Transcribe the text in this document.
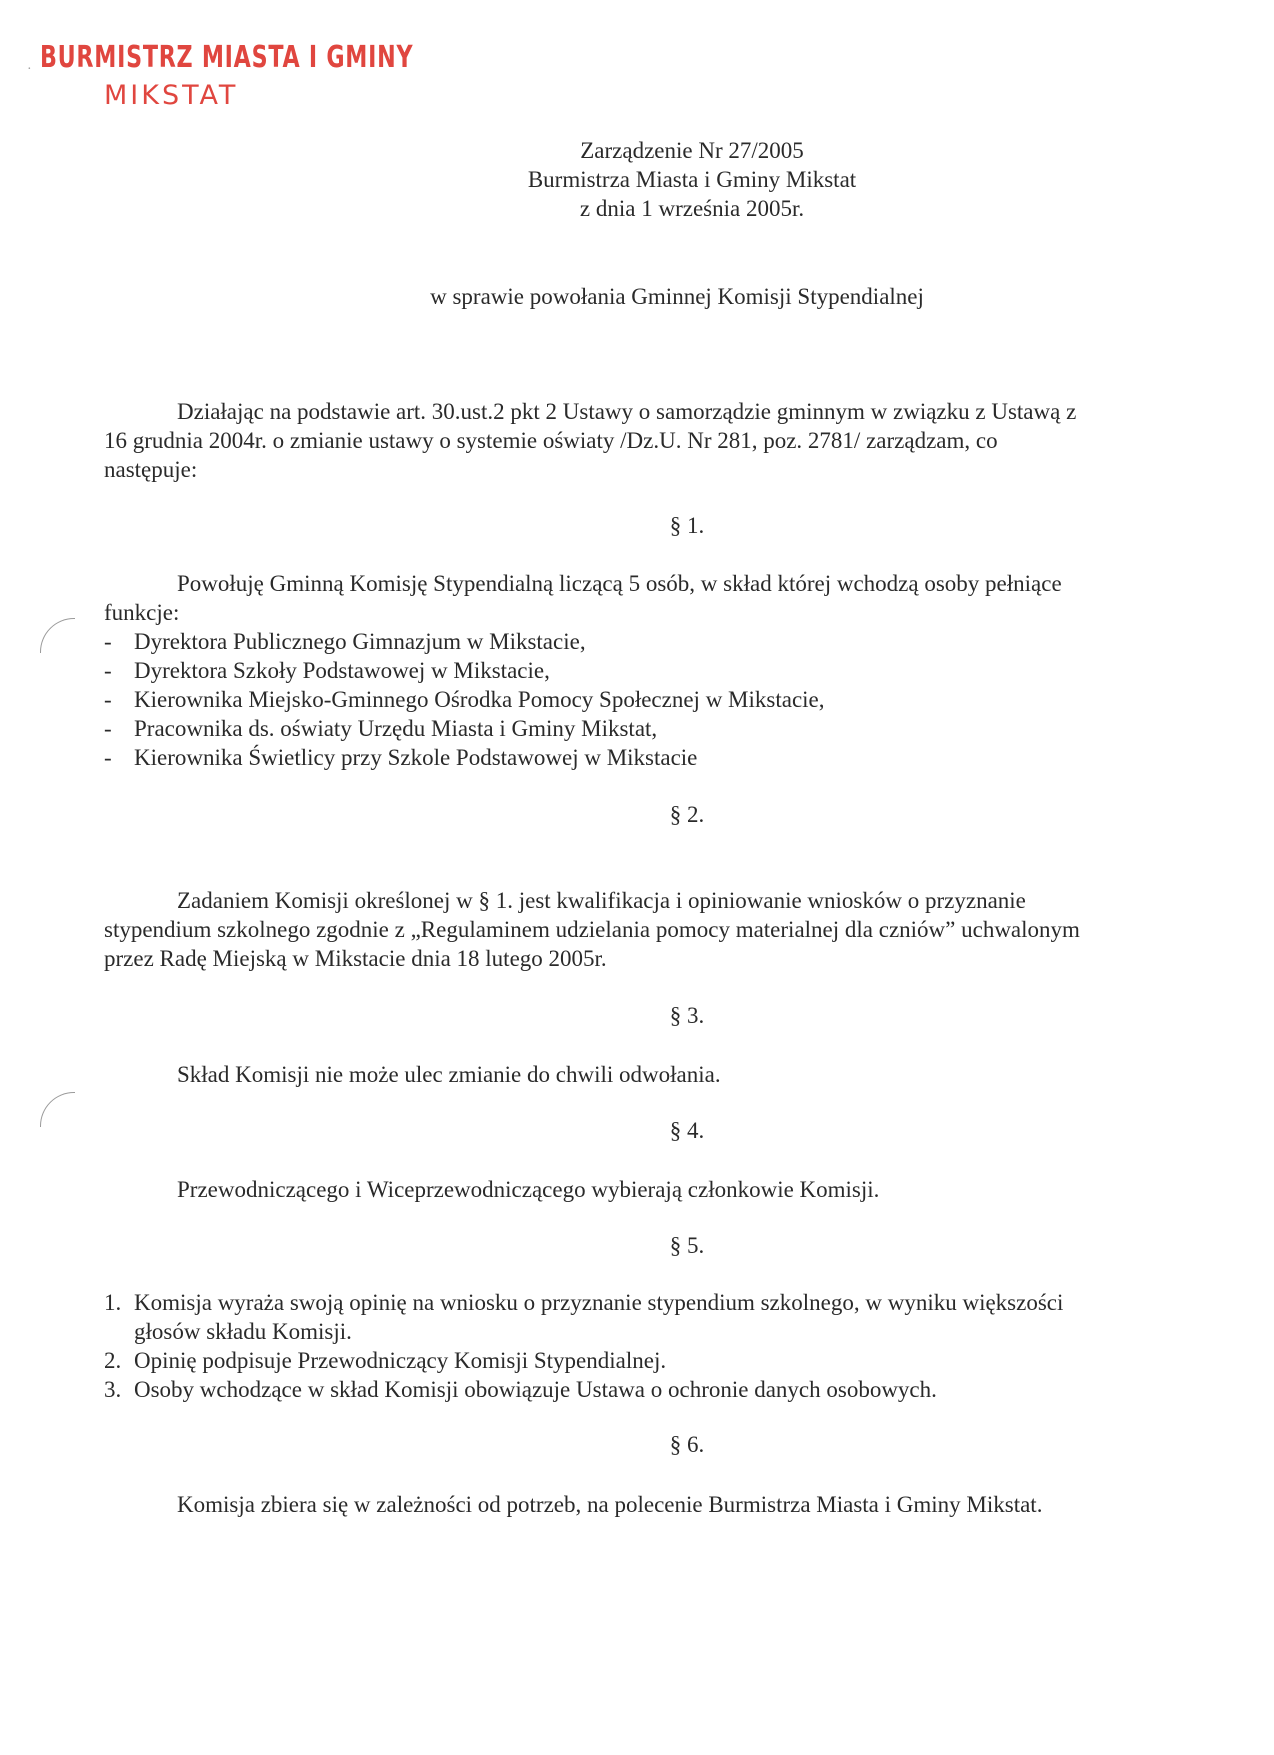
· BURMISTRZ MIASTA I GMINY
MIKSTAT
Zarządzenie Nr 27/2005
Burmistrza Miasta i Gminy Mikstat
z dnia 1 września 2005r.
w sprawie powołania Gminnej Komisji Stypendialnej
Działając na podstawie art. 30.ust.2 pkt 2 Ustawy o samorządzie gminnym w związku z Ustawą z 16 grudnia 2004r. o zmianie ustawy o systemie oświaty /Dz.U. Nr 281, poz. 2781/ zarządzam, co następuje:
§ 1.
Powołuję Gminną Komisję Stypendialną liczącą 5 osób, w skład której wchodzą osoby pełniące funkcje:
- Dyrektora Publicznego Gimnazjum w Mikstacie,
- Dyrektora Szkoły Podstawowej w Mikstacie,
- Kierownika Miejsko-Gminnego Ośrodka Pomocy Społecznej w Mikstacie,
- Pracownika ds. oświaty Urzędu Miasta i Gminy Mikstat,
- Kierownika Świetlicy przy Szkole Podstawowej w Mikstacie
§ 2.
Zadaniem Komisji określonej w § 1. jest kwalifikacja i opiniowanie wniosków o przyznanie stypendium szkolnego zgodnie z „Regulaminem udzielania pomocy materialnej dla czniów” uchwalonym przez Radę Miejską w Mikstacie dnia 18 lutego 2005r.
§ 3.
Skład Komisji nie może ulec zmianie do chwili odwołania.
§ 4.
Przewodniczącego i Wiceprzewodniczącego wybierają członkowie Komisji.
§ 5.
1. Komisja wyraża swoją opinię na wniosku o przyznanie stypendium szkolnego, w wyniku większości głosów składu Komisji.
2. Opinię podpisuje Przewodniczący Komisji Stypendialnej.
3. Osoby wchodzące w skład Komisji obowiązuje Ustawa o ochronie danych osobowych.
§ 6.
Komisja zbiera się w zależności od potrzeb, na polecenie Burmistrza Miasta i Gminy Mikstat.
